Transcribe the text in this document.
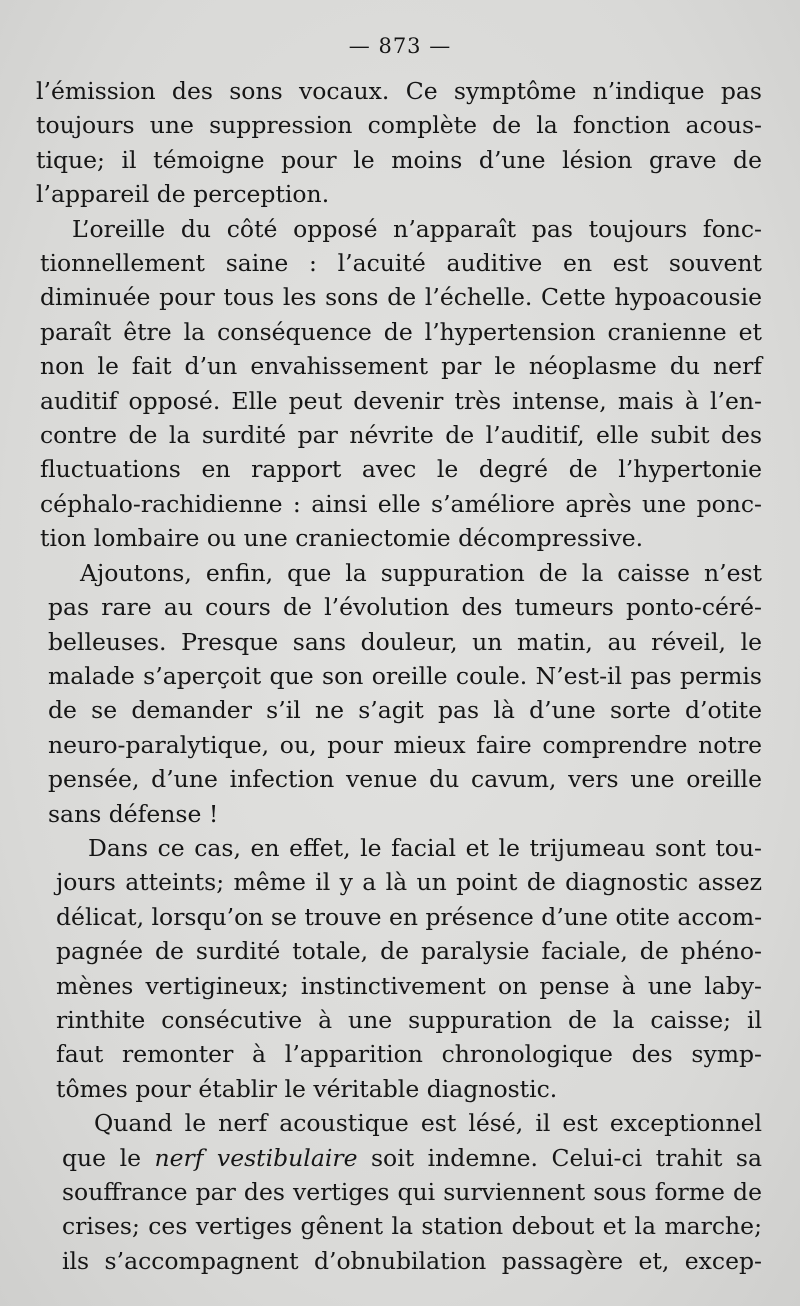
— 873 —

l’émission des sons vocaux. Ce symptôme n’indique pas
toujours une suppression complète de la fonction acous-
tique; il témoigne pour le moins d’une lésion grave de
l’appareil de perception.

L’oreille du côté opposé n’apparaît pas toujours fonc-
tionnellement saine : l’acuité auditive en est souvent
diminuée pour tous les sons de l’échelle. Cette hypoacousie
paraît être la conséquence de l’hypertension cranienne et
non le fait d’un envahissement par le néoplasme du nerf
auditif opposé. Elle peut devenir très intense, mais à l’en-
contre de la surdité par névrite de l’auditif, elle subit des
fluctuations en rapport avec le degré de l’hypertonie
céphalo-rachidienne : ainsi elle s’améliore après une ponc-
tion lombaire ou une craniectomie décompressive.

Ajoutons, enfin, que la suppuration de la caisse n’est
pas rare au cours de l’évolution des tumeurs ponto-céré-
belleuses. Presque sans douleur, un matin, au réveil, le
malade s’aperçoit que son oreille coule. N’est-il pas permis
de se demander s’il ne s’agit pas là d’une sorte d’otite
neuro-paralytique, ou, pour mieux faire comprendre notre
pensée, d’une infection venue du cavum, vers une oreille
sans défense !

Dans ce cas, en effet, le facial et le trijumeau sont tou-
jours atteints; même il y a là un point de diagnostic assez
délicat, lorsqu’on se trouve en présence d’une otite accom-
pagnée de surdité totale, de paralysie faciale, de phéno-
mènes vertigineux; instinctivement on pense à une laby-
rinthite consécutive à une suppuration de la caisse; il
faut remonter à l’apparition chronologique des symp-
tômes pour établir le véritable diagnostic.

Quand le nerf acoustique est lésé, il est exceptionnel
que le nerf vestibulaire soit indemne. Celui-ci trahit sa
souffrance par des vertiges qui surviennent sous forme de
crises; ces vertiges gênent la station debout et la marche;
ils s’accompagnent d’obnubilation passagère et, excep-
